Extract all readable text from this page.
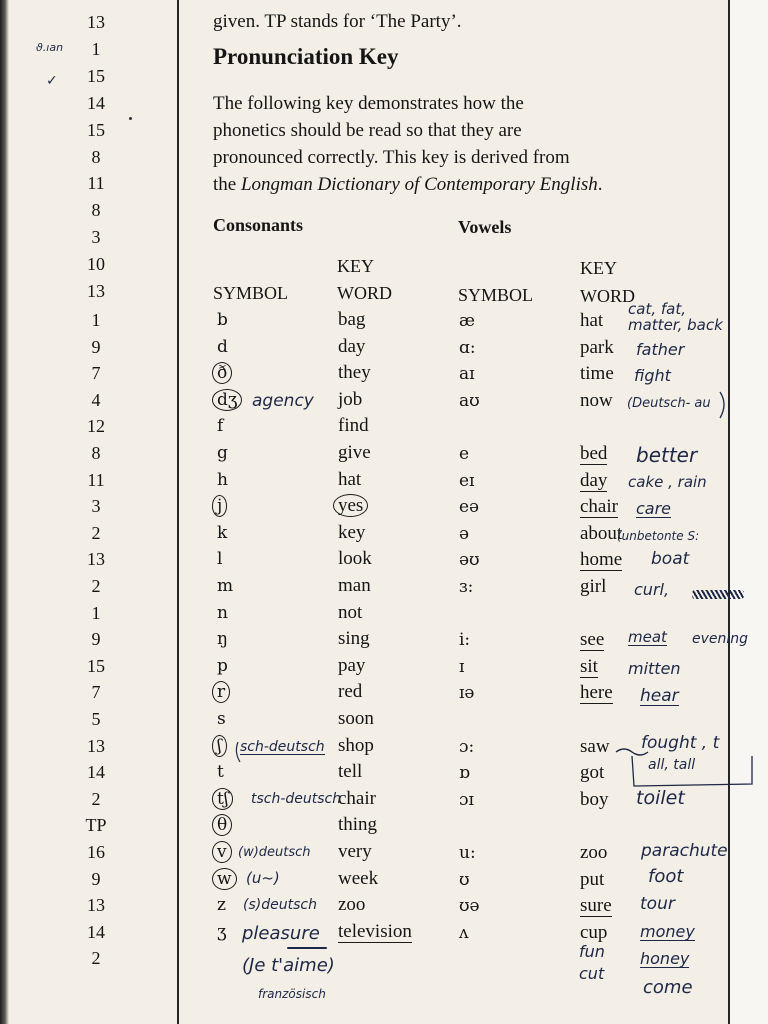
13
1
15
14
15
8
11
8
3
10
13
1
9
7
4
12
8
11
3
2
13
2
1
9
15
7
5
13
14
2
TP
16
9
13
14
2
given. TP stands for ‘The Party’.
Pronunciation Key
The following key demonstrates how the
phonetics should be read so that they are
pronounced correctly. This key is derived from
the Longman Dictionary of Contemporary English.
Consonants	Vowels
KEY	KEY
SYMBOL	WORD	SYMBOL	WORD
b	bag
d	day
ð	they
dʒ	job
f	find
g	give
h	hat
j	yes
k	key
l	look
m	man
n	not
ŋ	sing
p	pay
r	red
s	soon
ʃ	shop
t	tell
tʃ	chair
θ	thing
v	very
w	week
z	zoo
ʒ	television
æ	hat
ɑ:	park
aɪ	time
aʊ	now
e	bed
eɪ	day
eə	chair
ə	about
əʊ	home
ɜ:	girl
i:	see
ɪ	sit
ɪə	here
ɔ:	saw
ɒ	got
ɔɪ	boy
u:	zoo
ʊ	put
ʊə	sure
ʌ	cup
ϑ.ıan
✓
agency
sch-deutsch
tsch-deutsch
(w)deutsch
(u~)
(s)deutsch
pleasure
(Je t'aime)
französisch
cat, fat,
matter, back
father
fight
(Deutsch- au
better
cake , rain
care
(unbetonte S:
boat
curl,
meat evening
mitten
hear
fought , t
all, tall
toilet
parachute
foot
tour
money
fun honey
cut
come
